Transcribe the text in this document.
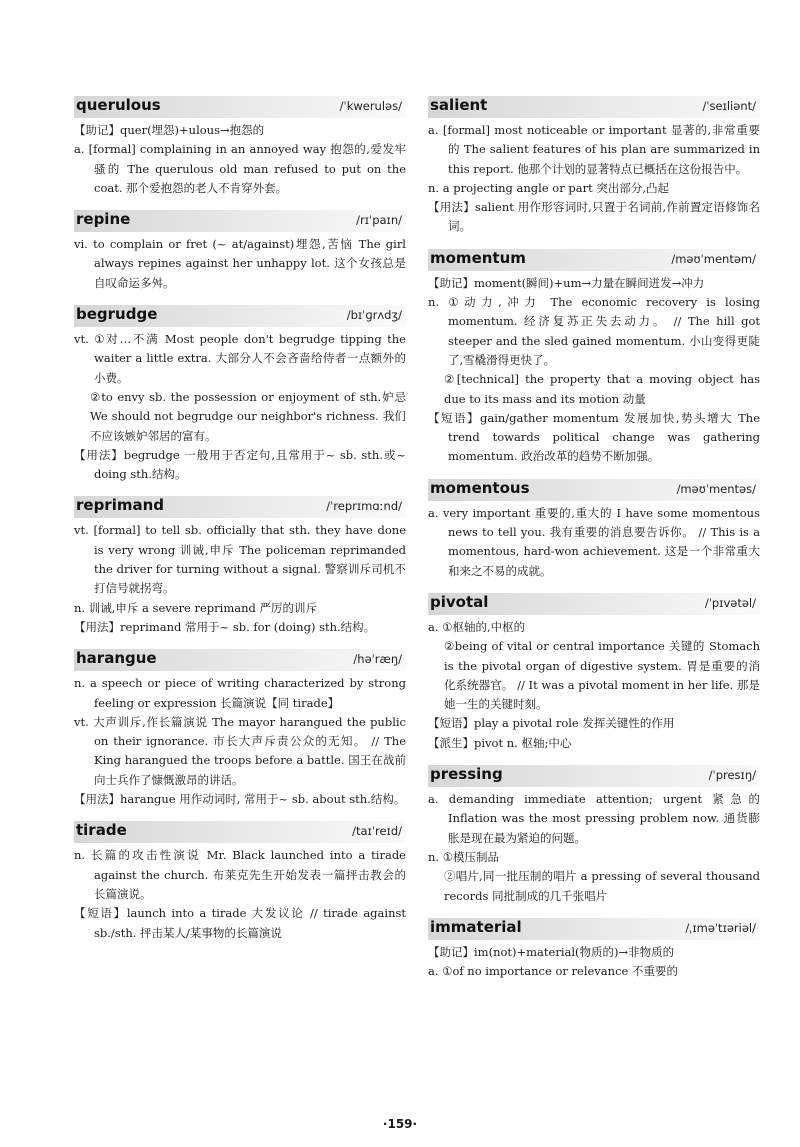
querulous	/ˈkweruləs/
【助记】quer(埋怨)+ulous→抱怨的
a. [formal] complaining in an annoyed way 抱怨的,爱发牢骚的 The querulous old man refused to put on the coat. 那个爱抱怨的老人不肯穿外套。
repine	/rɪˈpaɪn/
vi. to complain or fret (~ at/against)埋怨,苦恼 The girl always repines against her unhappy lot. 这个女孩总是自叹命运多舛。
begrudge	/bɪˈɡrʌdʒ/
vt. ①对…不满 Most people don't begrudge tipping the waiter a little extra. 大部分人不会吝啬给侍者一点额外的小费。
②to envy sb. the possession or enjoyment of sth.妒忌 We should not begrudge our neighbor's richness. 我们不应该嫉妒邻居的富有。
【用法】begrudge 一般用于否定句,且常用于~ sb. sth.或~ doing sth.结构。
reprimand	/ˈreprɪmɑːnd/
vt. [formal] to tell sb. officially that sth. they have done is very wrong 训诫,申斥 The policeman reprimanded the driver for turning without a signal. 警察训斥司机不打信号就拐弯。
n. 训诫,申斥 a severe reprimand 严厉的训斥
【用法】reprimand 常用于~ sb. for (doing) sth.结构。
harangue	/həˈræŋ/
n. a speech or piece of writing characterized by strong feeling or expression 长篇演说【同 tirade】
vt. 大声训斥,作长篇演说 The mayor harangued the public on their ignorance. 市长大声斥责公众的无知。 // The King harangued the troops before a battle. 国王在战前向士兵作了慷慨激昂的讲话。
【用法】harangue 用作动词时, 常用于~ sb. about sth.结构。
tirade	/taɪˈreɪd/
n. 长篇的攻击性演说 Mr. Black launched into a tirade against the church. 布莱克先生开始发表一篇抨击教会的长篇演说。
【短语】launch into a tirade 大发议论 // tirade against sb./sth. 抨击某人/某事物的长篇演说
salient	/ˈseɪliənt/
a. [formal] most noticeable or important 显著的,非常重要的 The salient features of his plan are summarized in this report. 他那个计划的显著特点已概括在这份报告中。
n. a projecting angle or part 突出部分,凸起
【用法】salient 用作形容词时,只置于名词前,作前置定语修饰名词。
momentum	/məʊˈmentəm/
【助记】moment(瞬间)+um→力量在瞬间迸发→冲力
n. ①动力,冲力 The economic recovery is losing momentum. 经济复苏正失去动力。 // The hill got steeper and the sled gained momentum. 小山变得更陡了,雪橇滑得更快了。
②[technical] the property that a moving object has due to its mass and its motion 动量
【短语】gain/gather momentum 发展加快,势头增大 The trend towards political change was gathering momentum. 政治改革的趋势不断加强。
momentous	/məʊˈmentəs/
a. very important 重要的,重大的 I have some momentous news to tell you. 我有重要的消息要告诉你。 // This is a momentous, hard-won achievement. 这是一个非常重大和来之不易的成就。
pivotal	/ˈpɪvətəl/
a. ①枢轴的,中枢的
②being of vital or central importance 关键的 Stomach is the pivotal organ of digestive system. 胃是重要的消化系统器官。 // It was a pivotal moment in her life. 那是她一生的关键时刻。
【短语】play a pivotal role 发挥关键性的作用
【派生】pivot n. 枢轴;中心
pressing	/ˈpresɪŋ/
a. demanding immediate attention; urgent 紧急的 Inflation was the most pressing problem now. 通货膨胀是现在最为紧迫的问题。
n. ①模压制品
②唱片,同一批压制的唱片 a pressing of several thousand records 同批制成的几千张唱片
immaterial	/ˌɪməˈtɪəriəl/
【助记】im(not)+material(物质的)→非物质的
a. ①of no importance or relevance 不重要的
·159·
